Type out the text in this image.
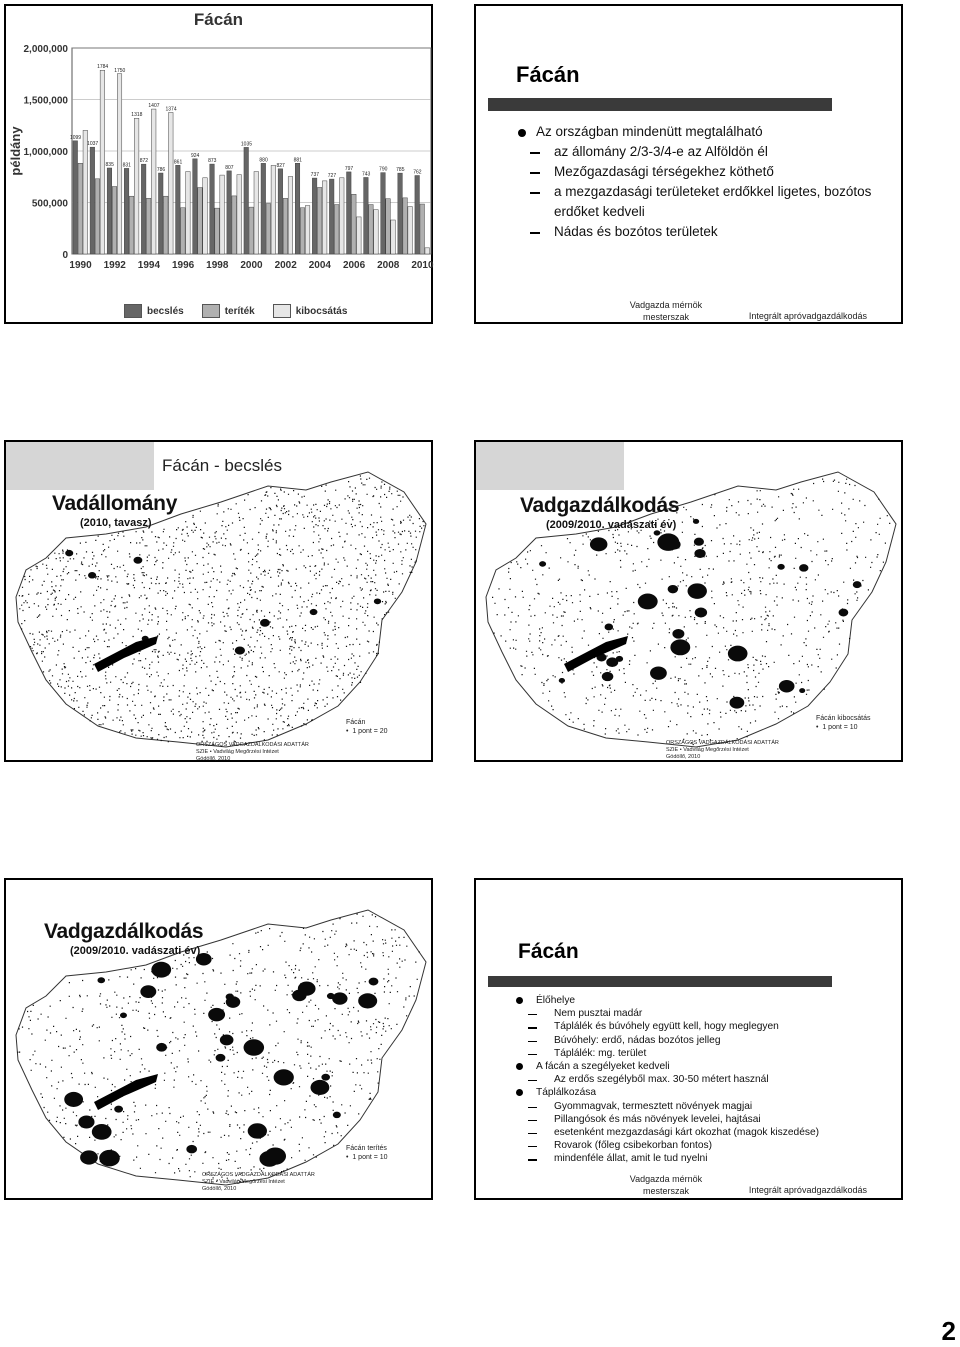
Fácán
2,000,000
1,500,000
1,000,000
500,000
0
példány	1099
1037
1784
835
1750
831
1318
872
1407
786
1374
861
924
873
807
1035
880
827
881
737 727
797
743
790 785 762
1990 1992 1994 1996 1998 2000 2002 2004 2006 2008 2010
becslés	teríték	kibocsátás
Fácán
Az országban mindenütt megtalálható
az állomány 2/3-3/4-e az Alföldön él
Mezőgazdasági térségekhez köthető
a mezgazdasági területeket erdőkkel ligetes, bozótos erdőket kedveli
Nádas és bozótos területek
Vadgazda mérnök mesterszak	Integrált apróvadgazdálkodás
Fácán - becslés
Vadállomány
(2010, tavasz)
Fácán
•  1 pont = 20
ORSZÁGOS VADGAZDÁLKODÁSI ADATTÁR
SZIE • Vadvilág Megőrzési Intézet
Gödöllő, 2010
Vadgazdálkodás
(2009/2010. vadászati év)
Fácán kibocsátás
•  1 pont = 10
ORSZÁGOS VADGAZDÁLKODÁSI ADATTÁR
SZIE • Vadvilág Megőrzési Intézet
Gödöllő, 2010
Vadgazdálkodás
(2009/2010. vadászati év)
Fácán terítés
•  1 pont = 10
ORSZÁGOS VADGAZDÁLKODÁSI ADATTÁR
SZIE • Vadvilág Megőrzési Intézet
Gödöllő, 2010
Fácán
Élőhelye
Nem pusztai madár
Táplálék és búvóhely együtt kell, hogy meglegyen
Búvóhely: erdő, nádas bozótos jelleg
Táplálék: mg. terület
A fácán a szegélyeket kedveli
Az erdős szegélyből max. 30-50 métert használ
Táplálkozása
Gyommagvak, termesztett növények magjai
Pillangósok és más növények levelei, hajtásai
esetenként mezgazdasági kárt okozhat (magok kiszedése)
Rovarok (főleg csibekorban fontos)
mindenféle állat, amit le tud nyelni
Vadgazda mérnök mesterszak	Integrált apróvadgazdálkodás
2
